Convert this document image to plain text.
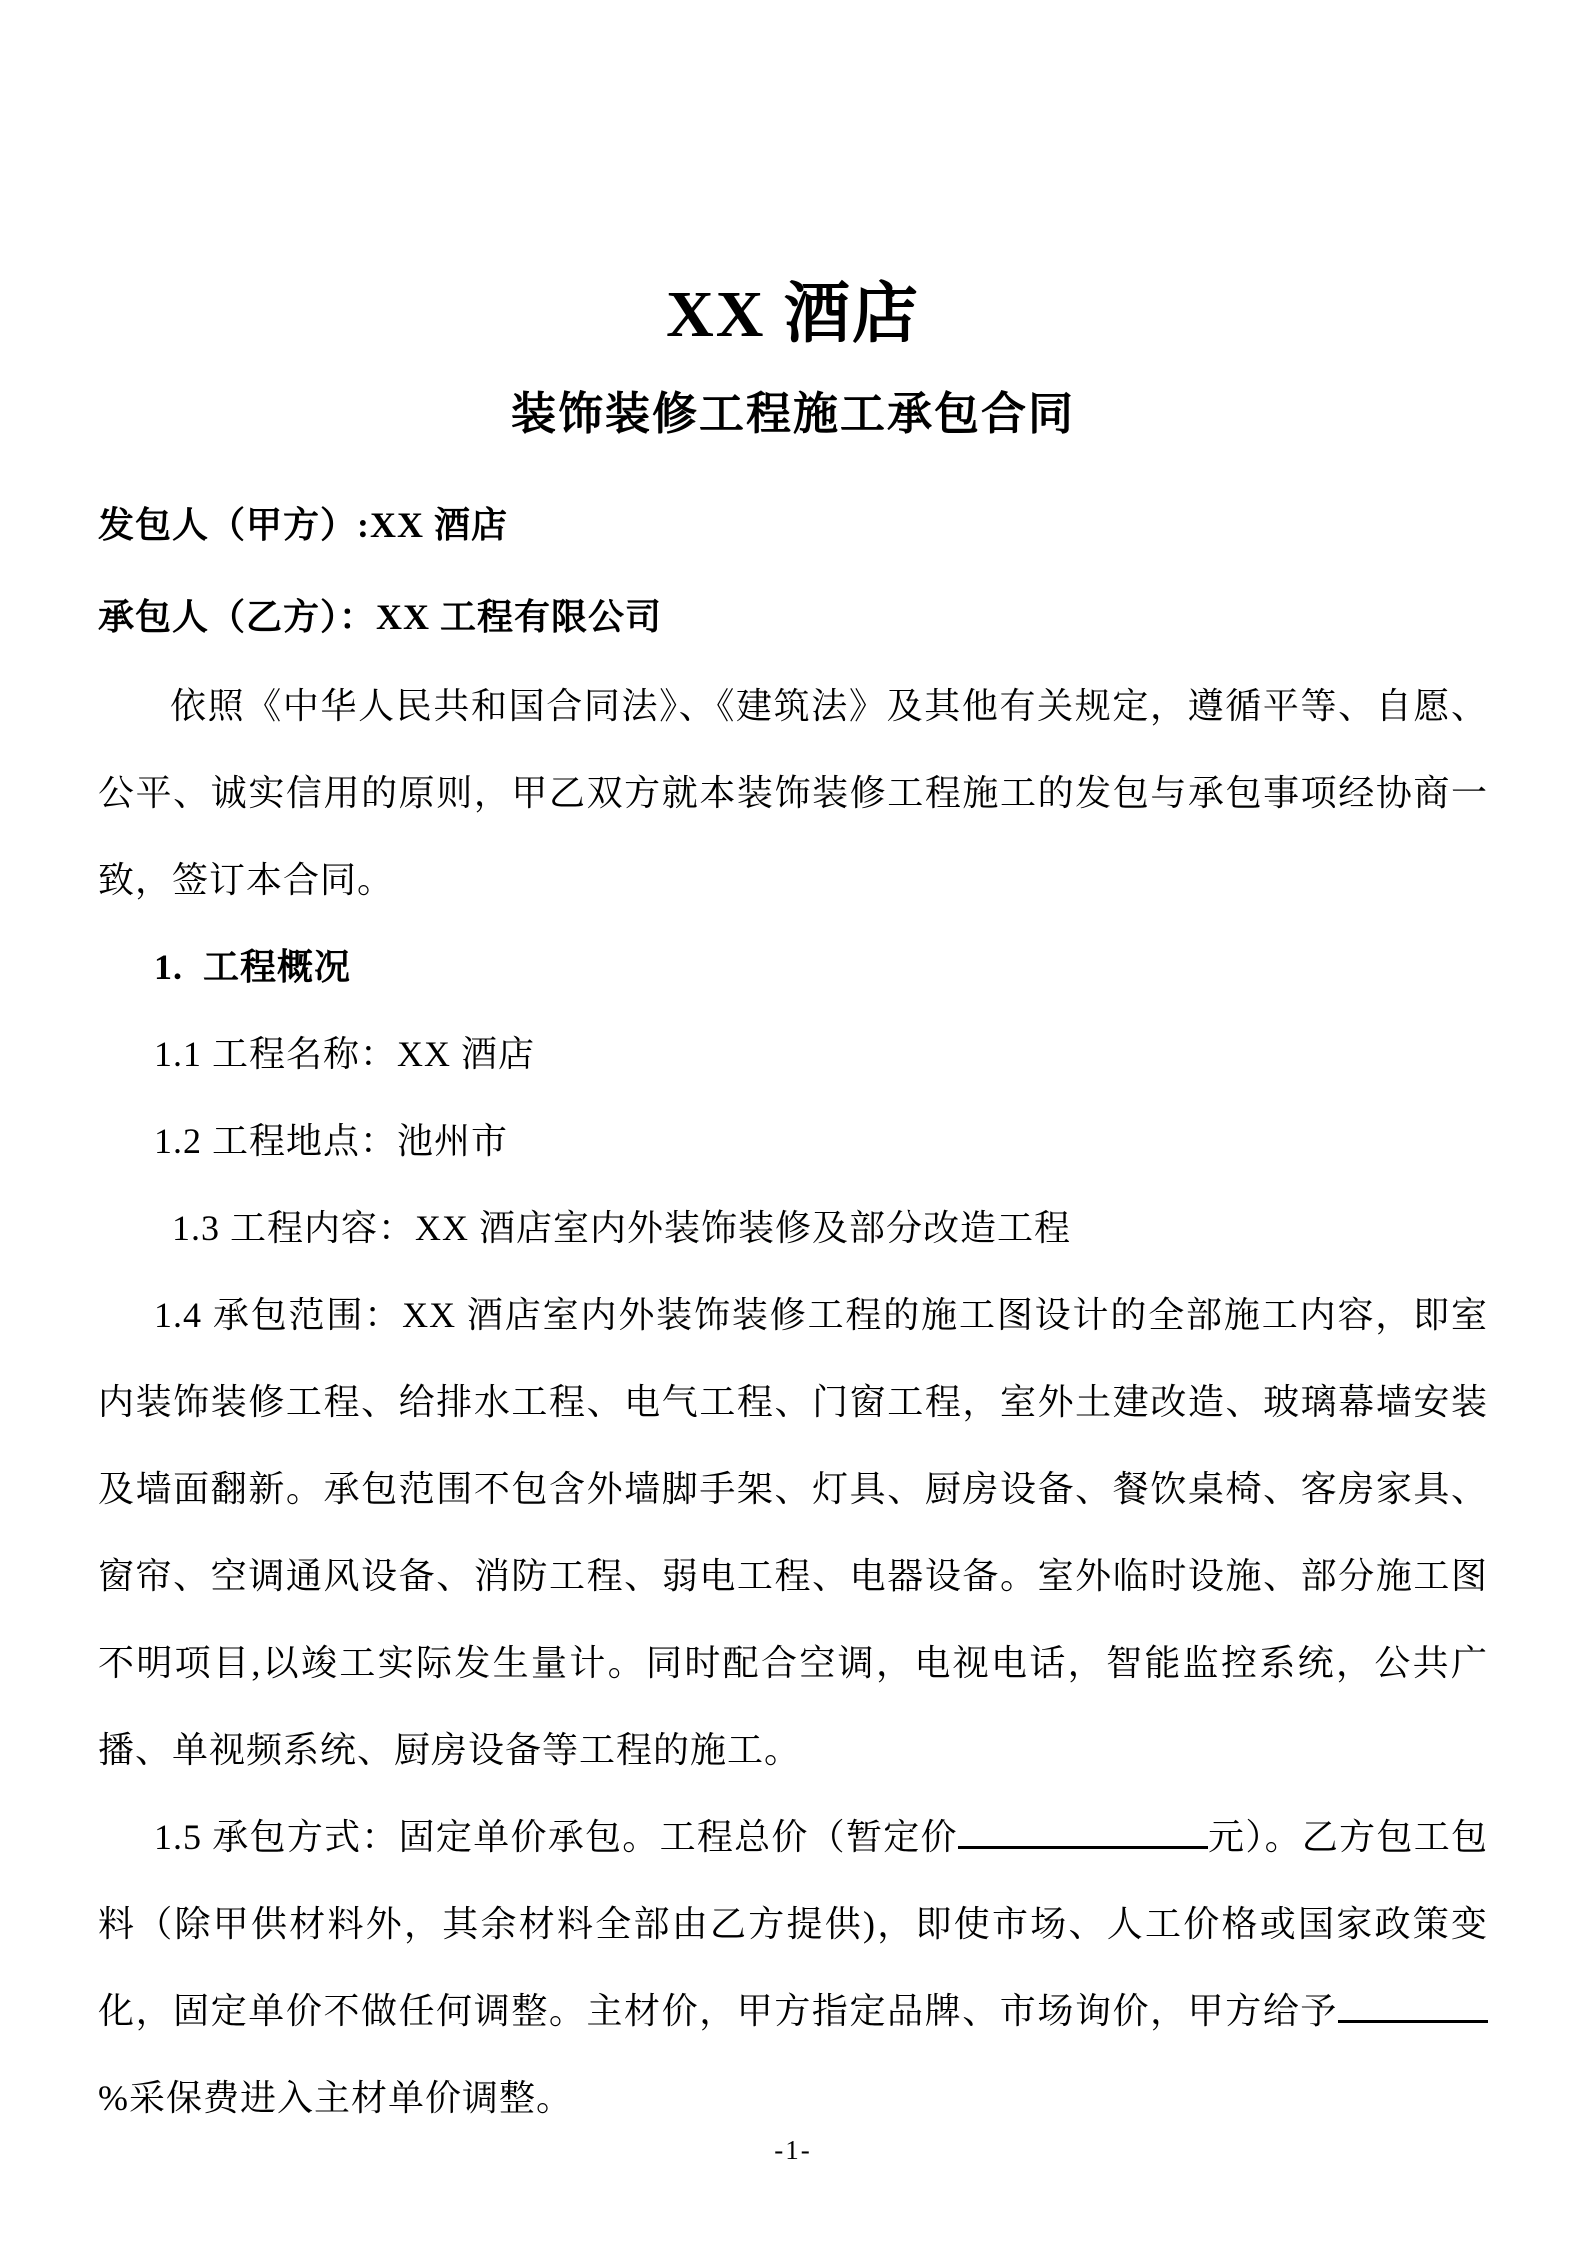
XX 酒店
装饰装修工程施工承包合同

发包人（甲方）:XX 酒店

承包人（乙方）：XX 工程有限公司

依照《中华人民共和国合同法》、《建筑法》及其他有关规定，遵循平等、自愿、公平、诚实信用的原则，甲乙双方就本装饰装修工程施工的发包与承包事项经协商一致，签订本合同。

1.  工程概况

1.1 工程名称：XX 酒店

1.2 工程地点：池州市

1.3 工程内容：XX 酒店室内外装饰装修及部分改造工程

1.4 承包范围：XX 酒店室内外装饰装修工程的施工图设计的全部施工内容，即室内装饰装修工程、给排水工程、电气工程、门窗工程，室外土建改造、玻璃幕墙安装及墙面翻新。承包范围不包含外墙脚手架、灯具、厨房设备、餐饮桌椅、客房家具、窗帘、空调通风设备、消防工程、弱电工程、电器设备。室外临时设施、部分施工图不明项目,以竣工实际发生量计。同时配合空调，电视电话，智能监控系统，公共广播、单视频系统、厨房设备等工程的施工。

1.5 承包方式：固定单价承包。工程总价（暂定价	元）。乙方包工包料（除甲供材料外，其余材料全部由乙方提供)，即使市场、人工价格或国家政策变化，固定单价不做任何调整。主材价，甲方指定品牌、市场询价，甲方给予%采保费进入主材单价调整。

-1-
